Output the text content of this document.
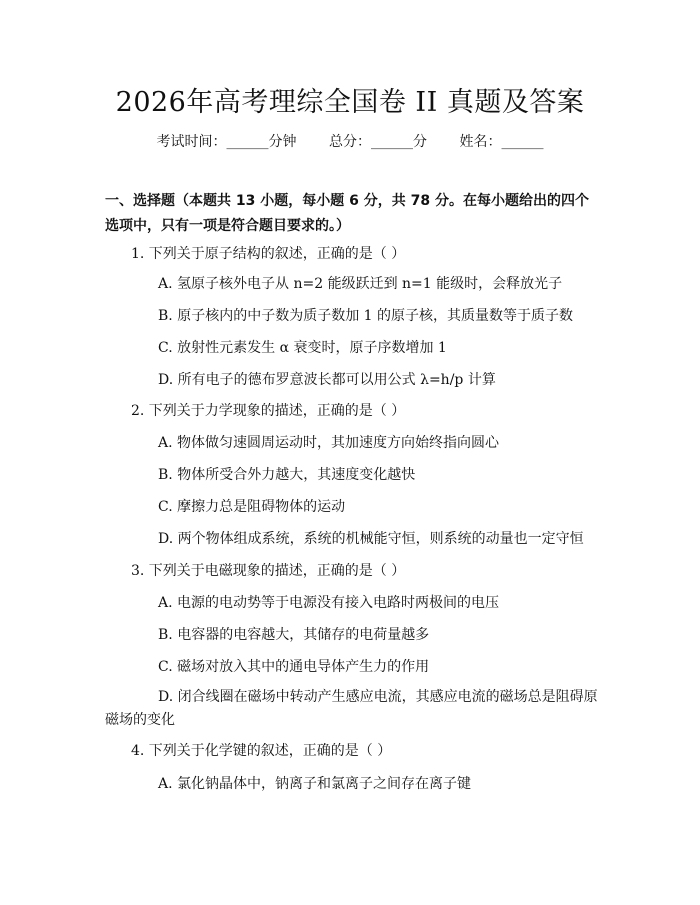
2026年高考理综全国卷 II 真题及答案
考试时间：______分钟 总分：______分 姓名：______
一、选择题（本题共 13 小题，每小题 6 分，共 78 分。在每小题给出的四个选项中，只有一项是符合题目要求的。）
1. 下列关于原子结构的叙述，正确的是（ ）
A. 氢原子核外电子从 n=2 能级跃迁到 n=1 能级时，会释放光子
B. 原子核内的中子数为质子数加 1 的原子核，其质量数等于质子数
C. 放射性元素发生 α 衰变时，原子序数增加 1
D. 所有电子的德布罗意波长都可以用公式 λ=h/p 计算
2. 下列关于力学现象的描述，正确的是（ ）
A. 物体做匀速圆周运动时，其加速度方向始终指向圆心
B. 物体所受合外力越大，其速度变化越快
C. 摩擦力总是阻碍物体的运动
D. 两个物体组成系统，系统的机械能守恒，则系统的动量也一定守恒
3. 下列关于电磁现象的描述，正确的是（ ）
A. 电源的电动势等于电源没有接入电路时两极间的电压
B. 电容器的电容越大，其储存的电荷量越多
C. 磁场对放入其中的通电导体产生力的作用
D. 闭合线圈在磁场中转动产生感应电流，其感应电流的磁场总是阻碍原磁场的变化
4. 下列关于化学键的叙述，正确的是（ ）
A. 氯化钠晶体中，钠离子和氯离子之间存在离子键
